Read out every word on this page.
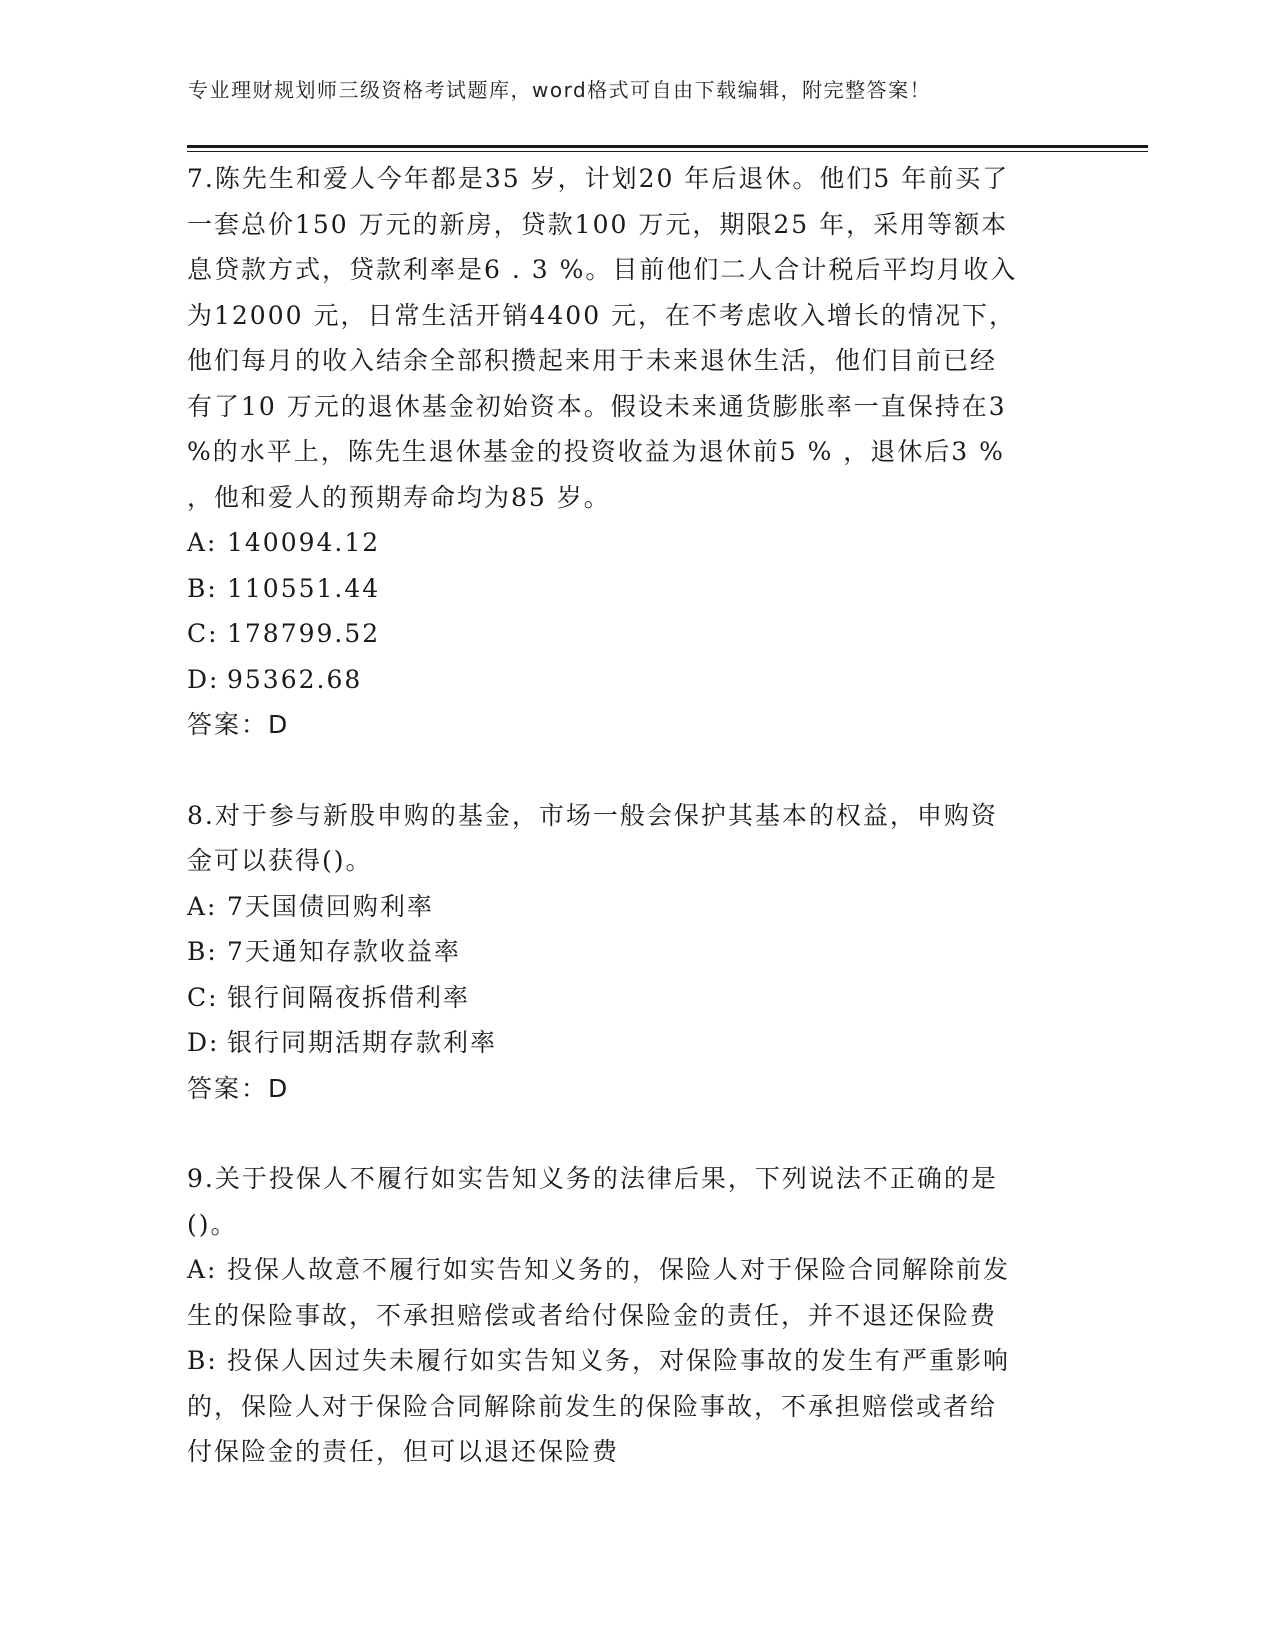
专业理财规划师三级资格考试题库，word格式可自由下载编辑，附完整答案！

7.陈先生和爱人今年都是35 岁，计划20 年后退休。他们5 年前买了
一套总价150 万元的新房，贷款100 万元，期限25 年，采用等额本
息贷款方式，贷款利率是6 . 3 %。目前他们二人合计税后平均月收入
为12000 元，日常生活开销4400 元，在不考虑收入增长的情况下，
他们每月的收入结余全部积攒起来用于未来退休生活，他们目前已经
有了10 万元的退休基金初始资本。假设未来通货膨胀率一直保持在3
%的水平上，陈先生退休基金的投资收益为退休前5 % ，退休后3 %
，他和爱人的预期寿命均为85 岁。

A: 140094.12

B: 110551.44

C: 178799.52

D: 95362.68

答案：D

8.对于参与新股申购的基金，市场一般会保护其基本的权益，申购资
金可以获得()。

A: 7天国债回购利率

B: 7天通知存款收益率

C: 银行间隔夜拆借利率

D: 银行同期活期存款利率

答案：D

9.关于投保人不履行如实告知义务的法律后果，下列说法不正确的是
()。

A: 投保人故意不履行如实告知义务的，保险人对于保险合同解除前发
生的保险事故，不承担赔偿或者给付保险金的责任，并不退还保险费

B: 投保人因过失未履行如实告知义务，对保险事故的发生有严重影响
的，保险人对于保险合同解除前发生的保险事故，不承担赔偿或者给
付保险金的责任，但可以退还保险费
